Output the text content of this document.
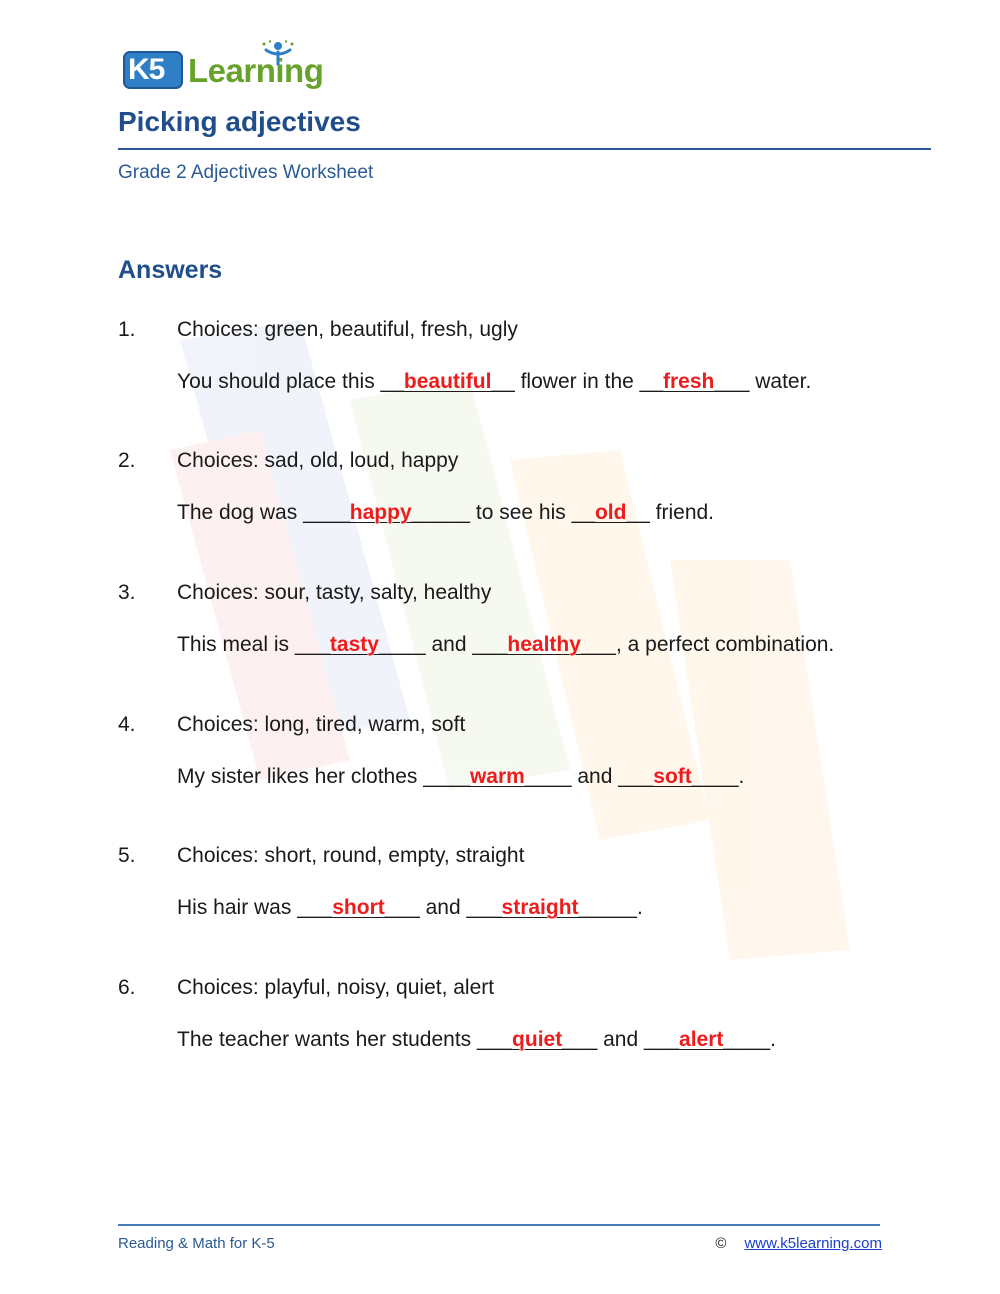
K5 Learning
Picking adjectives
Grade 2 Adjectives Worksheet
Answers
1. Choices: green, beautiful, fresh, ugly
You should place this __beautiful__ flower in the __fresh___ water.
2. Choices: sad, old, loud, happy
The dog was ____happy_____ to see his __old__ friend.
3. Choices: sour, tasty, salty, healthy
This meal is ___tasty____ and ___healthy___, a perfect combination.
4. Choices: long, tired, warm, soft
My sister likes her clothes ____warm____ and ___soft____.
5. Choices: short, round, empty, straight
His hair was ___short___ and ___straight_____.
6. Choices: playful, noisy, quiet, alert
The teacher wants her students ___quiet___ and ___alert____.
Reading & Math for K-5	© www.k5learning.com
